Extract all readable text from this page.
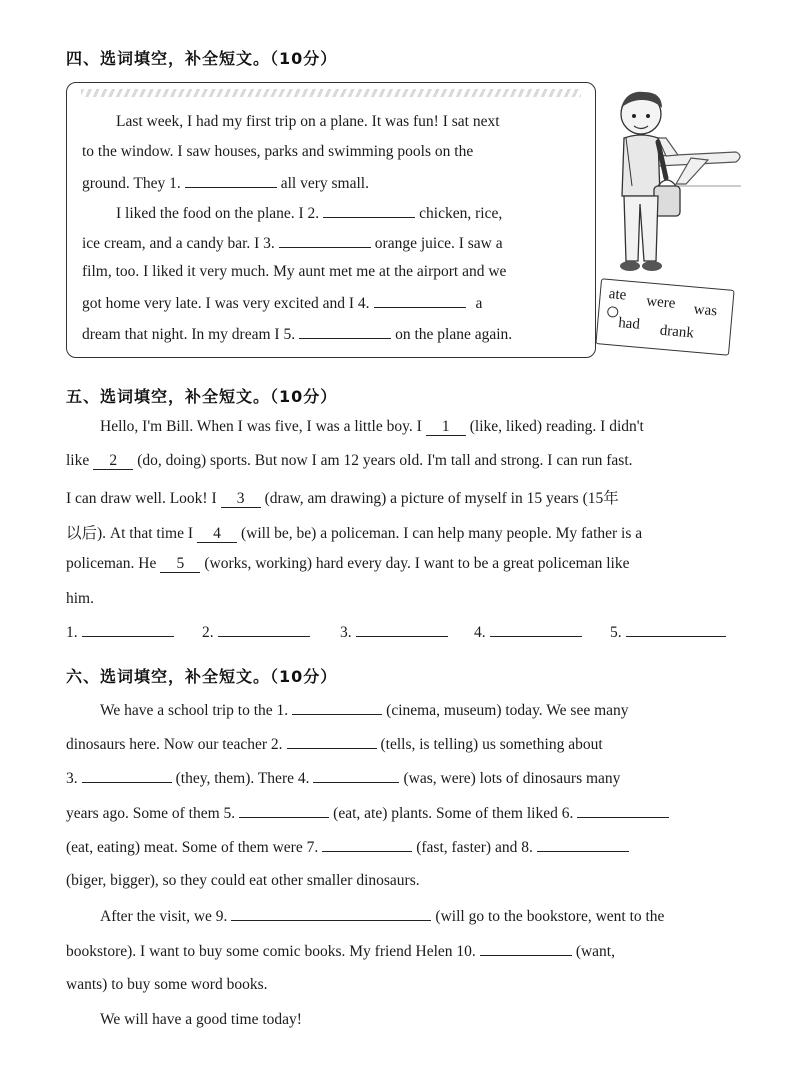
四、选词填空，补全短文。（10分）
Last week, I had my first trip on a plane. It was fun! I sat next
to the window. I saw houses, parks and swimming pools on the
ground. They 1.	all very small.
I liked the food on the plane. I 2.	chicken, rice,
ice cream, and a candy bar. I 3.	orange juice. I saw a
film, too. I liked it very much. My aunt met me at the airport and we
got home very late. I was very excited and I 4.	a
dream that night. In my dream I 5.	on the plane again.
ate were was
had drank
五、选词填空，补全短文。（10分）
Hello, I'm Bill. When I was five, I was a little boy. I 1 (like, liked) reading. I didn't
like 2 (do, doing) sports. But now I am 12 years old. I'm tall and strong. I can run fast.
I can draw well. Look! I 3 (draw, am drawing) a picture of myself in 15 years (15年
以后). At that time I 4 (will be, be) a policeman. I can help many people. My father is a
policeman. He 5 (works, working) hard every day. I want to be a great policeman like
him.
1.	2.	3.	4.	5.
六、选词填空，补全短文。（10分）
We have a school trip to the 1.	(cinema, museum) today. We see many
dinosaurs here. Now our teacher 2.	(tells, is telling) us something about
3.	(they, them). There 4.	(was, were) lots of dinosaurs many
years ago. Some of them 5.	(eat, ate) plants. Some of them liked 6.
(eat, eating) meat. Some of them were 7.	(fast, faster) and 8.
(biger, bigger), so they could eat other smaller dinosaurs.
After the visit, we 9.	(will go to the bookstore, went to the
bookstore). I want to buy some comic books. My friend Helen 10.	(want,
wants) to buy some word books.
We will have a good time today!
